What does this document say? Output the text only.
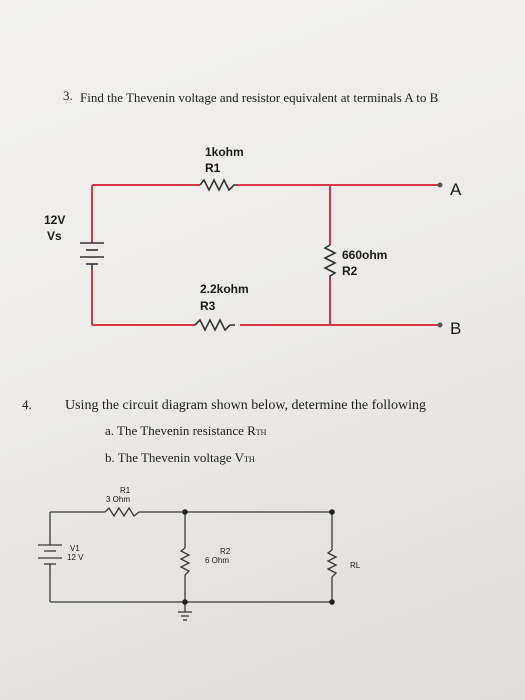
3. Find the Thevenin voltage and resistor equivalent at terminals A to B
1kohm
R1
12V
Vs
660ohm
R2
2.2kohm
R3
A
B
4. Using the circuit diagram shown below, determine the following
a. The Thevenin resistance RTH
b. The Thevenin voltage VTH
R1
3 Ohm
V1
12 V
R2
6 Ohm
RL
